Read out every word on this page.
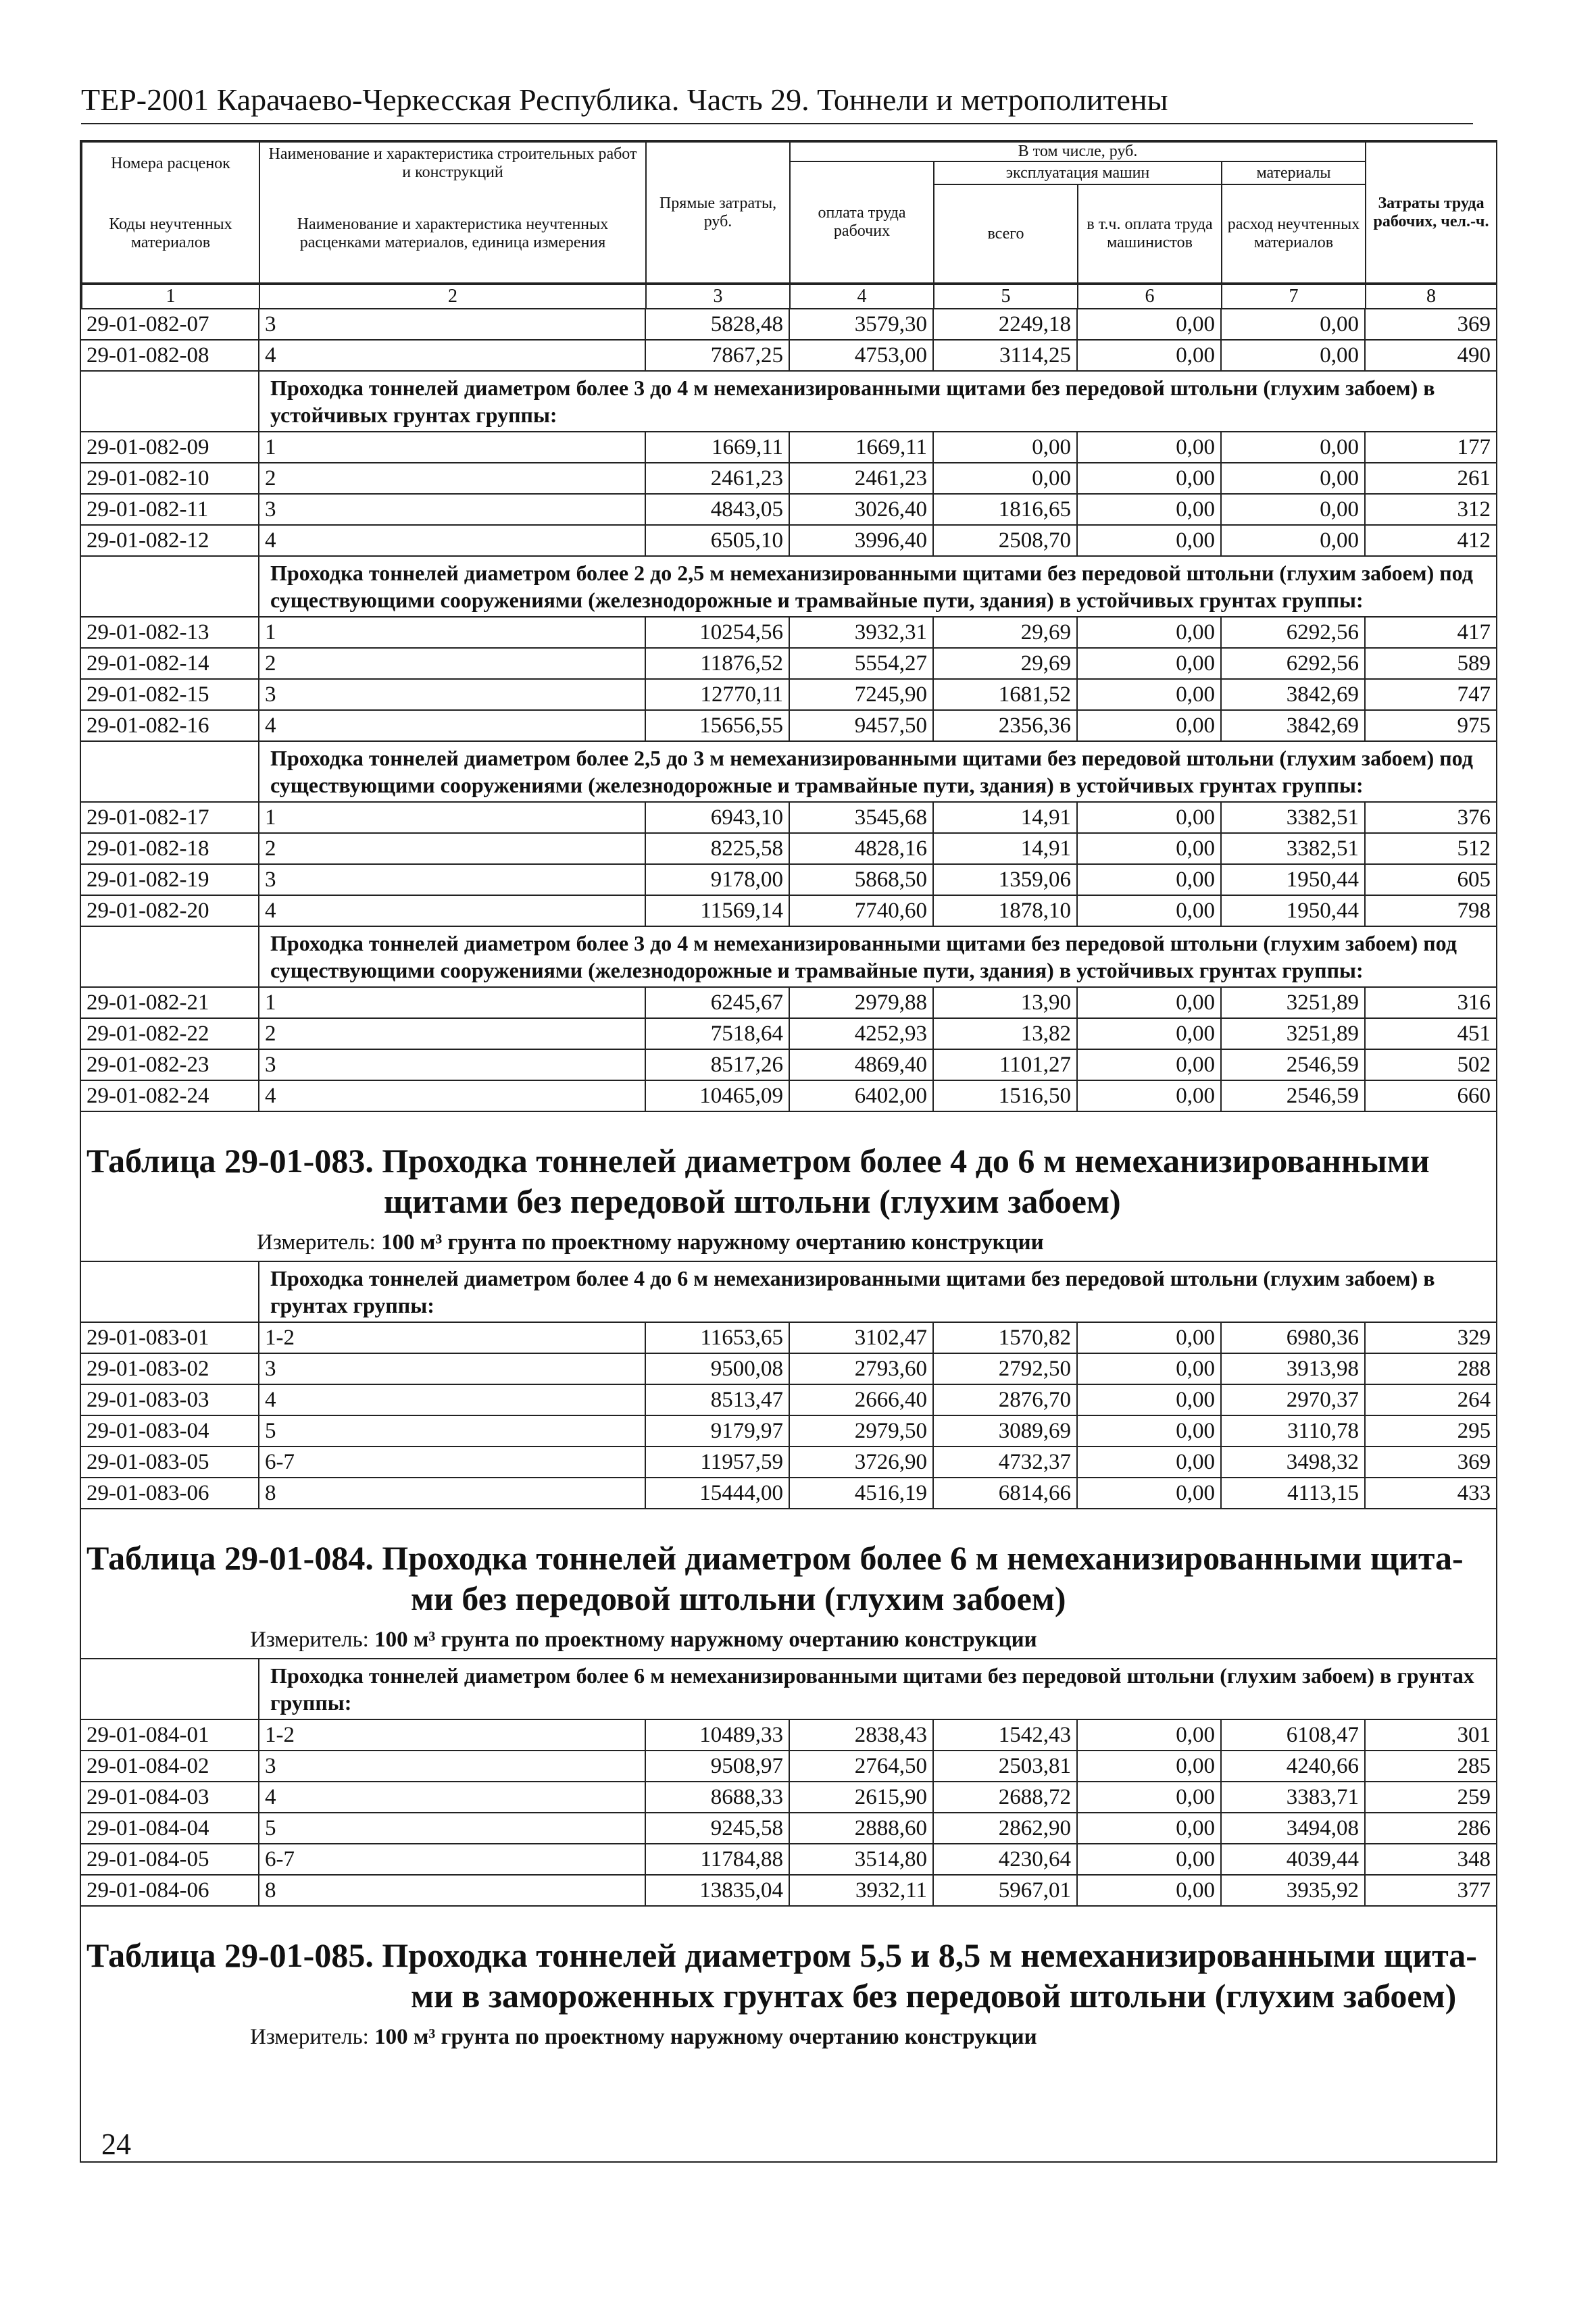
ТЕР-2001 Карачаево-Черкесская Республика. Часть 29. Тоннели и метрополитены
Номера расценок	Наименование и характеристика строительных работ и конструкций	Прямые затраты, руб.	В том числе, руб.				Затраты труда рабочих, чел.-ч.
			оплата труда рабочих	эксплуатация машин		материалы	
Коды неучтенных материалов	Наименование и характеристика неучтенных расценками материалов, единица измерения			всего	в т.ч. оплата труда машинистов	расход неучтенных материалов	

1	2	3	4	5	6	7	8
29-01-082-07	3	5828,48	3579,30	2249,18	0,00	0,00	369
29-01-082-08	4	7867,25	4753,00	3114,25	0,00	0,00	490
	Проходка тоннелей диаметром более 3 до 4 м немеханизированными щитами без передовой штольни (глухим забоем) в устойчивых грунтах группы:						
29-01-082-09	1	1669,11	1669,11	0,00	0,00	0,00	177
29-01-082-10	2	2461,23	2461,23	0,00	0,00	0,00	261
29-01-082-11	3	4843,05	3026,40	1816,65	0,00	0,00	312
29-01-082-12	4	6505,10	3996,40	2508,70	0,00	0,00	412
	Проходка тоннелей диаметром более 2 до 2,5 м немеханизированными щитами без передовой штольни (глухим забоем) под существующими сооружениями (железнодорожные и трамвайные пути, здания) в устойчивых грунтах группы:						
29-01-082-13	1	10254,56	3932,31	29,69	0,00	6292,56	417
29-01-082-14	2	11876,52	5554,27	29,69	0,00	6292,56	589
29-01-082-15	3	12770,11	7245,90	1681,52	0,00	3842,69	747
29-01-082-16	4	15656,55	9457,50	2356,36	0,00	3842,69	975
	Проходка тоннелей диаметром более 2,5 до 3 м немеханизированными щитами без передовой штольни (глухим забоем) под существующими сооружениями (железнодорожные и трамвайные пути, здания) в устойчивых грунтах группы:						
29-01-082-17	1	6943,10	3545,68	14,91	0,00	3382,51	376
29-01-082-18	2	8225,58	4828,16	14,91	0,00	3382,51	512
29-01-082-19	3	9178,00	5868,50	1359,06	0,00	1950,44	605
29-01-082-20	4	11569,14	7740,60	1878,10	0,00	1950,44	798
	Проходка тоннелей диаметром более 3 до 4 м немеханизированными щитами без передовой штольни (глухим забоем) под существующими сооружениями (железнодорожные и трамвайные пути, здания) в устойчивых грунтах группы:						
29-01-082-21	1	6245,67	2979,88	13,90	0,00	3251,89	316
29-01-082-22	2	7518,64	4252,93	13,82	0,00	3251,89	451
29-01-082-23	3	8517,26	4869,40	1101,27	0,00	2546,59	502
29-01-082-24	4	10465,09	6402,00	1516,50	0,00	2546,59	660
Таблица 29-01-083. Проходка тоннелей диаметром более 4 до 6 м немеханизированными
щитами без передовой штольни (глухим забоем)
Измеритель: 100 м³ грунта по проектному наружному очертанию конструкции
	Проходка тоннелей диаметром более 4 до 6 м немеханизированными щитами без передовой штольни (глухим забоем) в грунтах группы:						
29-01-083-01	1-2	11653,65	3102,47	1570,82	0,00	6980,36	329
29-01-083-02	3	9500,08	2793,60	2792,50	0,00	3913,98	288
29-01-083-03	4	8513,47	2666,40	2876,70	0,00	2970,37	264
29-01-083-04	5	9179,97	2979,50	3089,69	0,00	3110,78	295
29-01-083-05	6-7	11957,59	3726,90	4732,37	0,00	3498,32	369
29-01-083-06	8	15444,00	4516,19	6814,66	0,00	4113,15	433
Таблица 29-01-084. Проходка тоннелей диаметром более 6 м немеханизированными щита-
ми без передовой штольни (глухим забоем)
Измеритель: 100 м³ грунта по проектному наружному очертанию конструкции
	Проходка тоннелей диаметром более 6 м немеханизированными щитами без передовой штольни (глухим забоем) в грунтах группы:						
29-01-084-01	1-2	10489,33	2838,43	1542,43	0,00	6108,47	301
29-01-084-02	3	9508,97	2764,50	2503,81	0,00	4240,66	285
29-01-084-03	4	8688,33	2615,90	2688,72	0,00	3383,71	259
29-01-084-04	5	9245,58	2888,60	2862,90	0,00	3494,08	286
29-01-084-05	6-7	11784,88	3514,80	4230,64	0,00	4039,44	348
29-01-084-06	8	13835,04	3932,11	5967,01	0,00	3935,92	377
Таблица 29-01-085. Проходка тоннелей диаметром 5,5 и 8,5 м немеханизированными щита-
ми в замороженных грунтах без передовой штольни (глухим забоем)
Измеритель: 100 м³ грунта по проектному наружному очертанию конструкции
24
